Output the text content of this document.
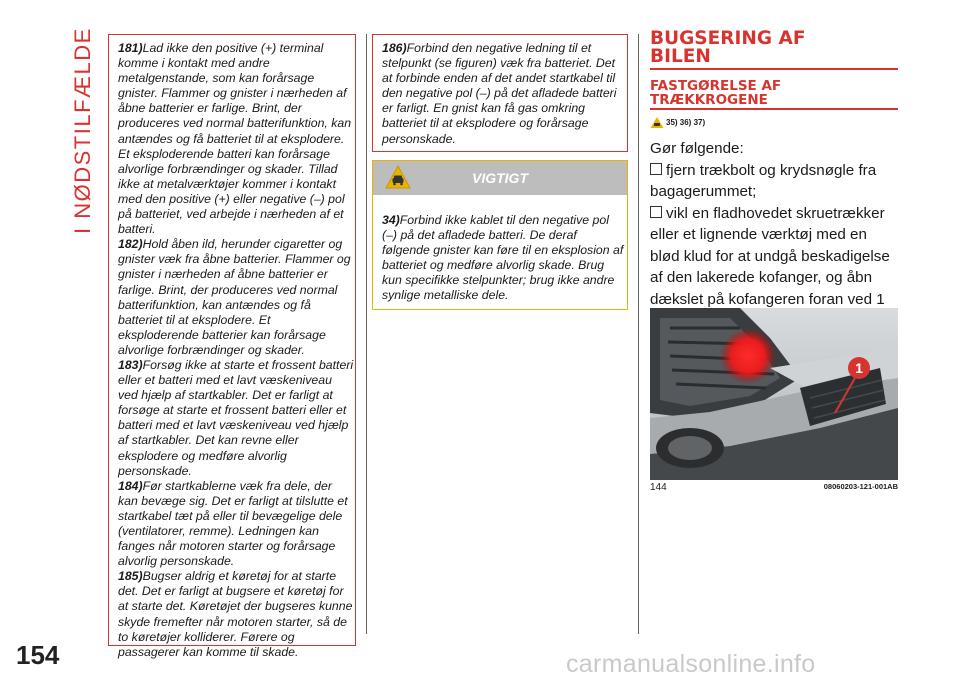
I NØDSTILFÆLDE
154

181)Lad ikke den positive (+) terminal komme i kontakt med andre metalgenstande, som kan forårsage gnister. Flammer og gnister i nærheden af åbne batterier er farlige. Brint, der produceres ved normal batterifunktion, kan antændes og få batteriet til at eksplodere. Et eksploderende batteri kan forårsage alvorlige forbrændinger og skader. Tillad ikke at metalværktøjer kommer i kontakt med den positive (+) eller negative (–) pol på batteriet, ved arbejde i nærheden af et batteri.

182)Hold åben ild, herunder cigaretter og gnister væk fra åbne batterier. Flammer og gnister i nærheden af åbne batterier er farlige. Brint, der produceres ved normal batterifunktion, kan antændes og få batteriet til at eksplodere. Et eksploderende batterier kan forårsage alvorlige forbrændinger og skader.

183)Forsøg ikke at starte et frossent batteri eller et batteri med et lavt væskeniveau ved hjælp af startkabler. Det er farligt at forsøge at starte et frossent batteri eller et batteri med et lavt væskeniveau ved hjælp af startkabler. Det kan revne eller eksplodere og medføre alvorlig personskade.

184)Før startkablerne væk fra dele, der kan bevæge sig. Det er farligt at tilslutte et startkabel tæt på eller til bevægelige dele (ventilatorer, remme). Ledningen kan fanges når motoren starter og forårsage alvorlig personskade.

185)Bugser aldrig et køretøj for at starte det. Det er farligt at bugsere et køretøj for at starte det. Køretøjet der bugseres kunne skyde fremefter når motoren starter, så de to køretøjer kolliderer. Førere og passagerer kan komme til skade.

186)Forbind den negative ledning til et stelpunkt (se figuren) væk fra batteriet. Det at forbinde enden af det andet startkabel til den negative pol (–) på det afladede batteri er farligt. En gnist kan få gas omkring batteriet til at eksplodere og forårsage personskade.

VIGTIGT

34)Forbind ikke kablet til den negative pol (–) på det afladede batteri. De deraf følgende gnister kan føre til en eksplosion af batteriet og medføre alvorlig skade. Brug kun specifikke stelpunkter; brug ikke andre synlige metalliske dele.

BUGSERING AF
BILEN
FASTGØRELSE AF
TRÆKKROGENE
35) 36) 37)

Gør følgende:

fjern trækbolt og krydsnøgle fra bagagerummet;

vikl en fladhovedet skruetrækker eller et lignende værktøj med en blød klud for at undgå beskadigelse af den lakerede kofanger, og åbn dækslet på kofangeren foran ved 1

1
144	08060203-121-001AB
carmanualsonline.info
